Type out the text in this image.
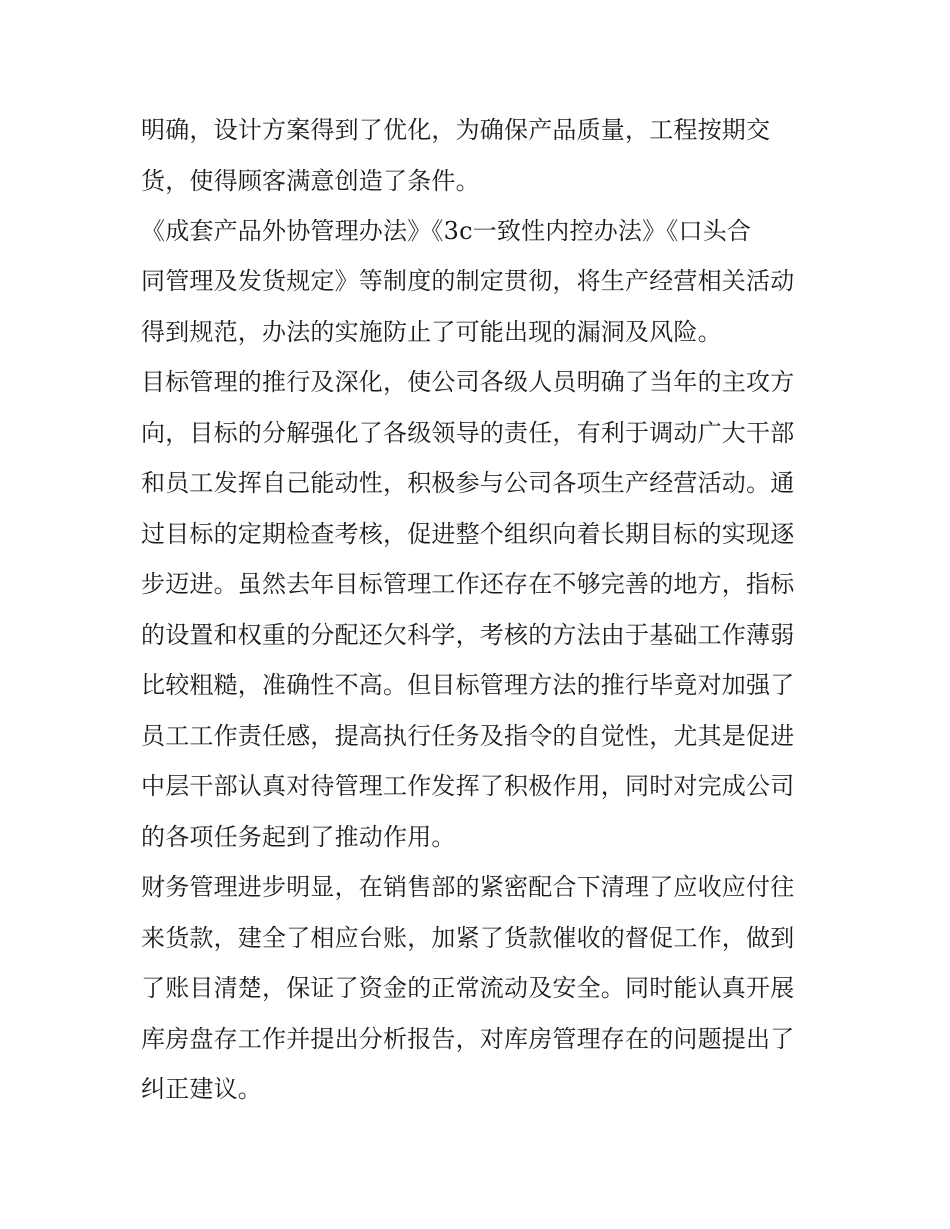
明确，设计方案得到了优化，为确保产品质量，工程按期交
货，使得顾客满意创造了条件。
《成套产品外协管理办法》《3c一致性内控办法》《口头合
同管理及发货规定》等制度的制定贯彻，将生产经营相关活动
得到规范，办法的实施防止了可能出现的漏洞及风险。
目标管理的推行及深化，使公司各级人员明确了当年的主攻方
向，目标的分解强化了各级领导的责任，有利于调动广大干部
和员工发挥自己能动性，积极参与公司各项生产经营活动。通
过目标的定期检查考核，促进整个组织向着长期目标的实现逐
步迈进。虽然去年目标管理工作还存在不够完善的地方，指标
的设置和权重的分配还欠科学，考核的方法由于基础工作薄弱
比较粗糙，准确性不高。但目标管理方法的推行毕竟对加强了
员工工作责任感，提高执行任务及指令的自觉性，尤其是促进
中层干部认真对待管理工作发挥了积极作用，同时对完成公司
的各项任务起到了推动作用。
财务管理进步明显，在销售部的紧密配合下清理了应收应付往
来货款，建全了相应台账，加紧了货款催收的督促工作，做到
了账目清楚，保证了资金的正常流动及安全。同时能认真开展
库房盘存工作并提出分析报告，对库房管理存在的问题提出了
纠正建议。
